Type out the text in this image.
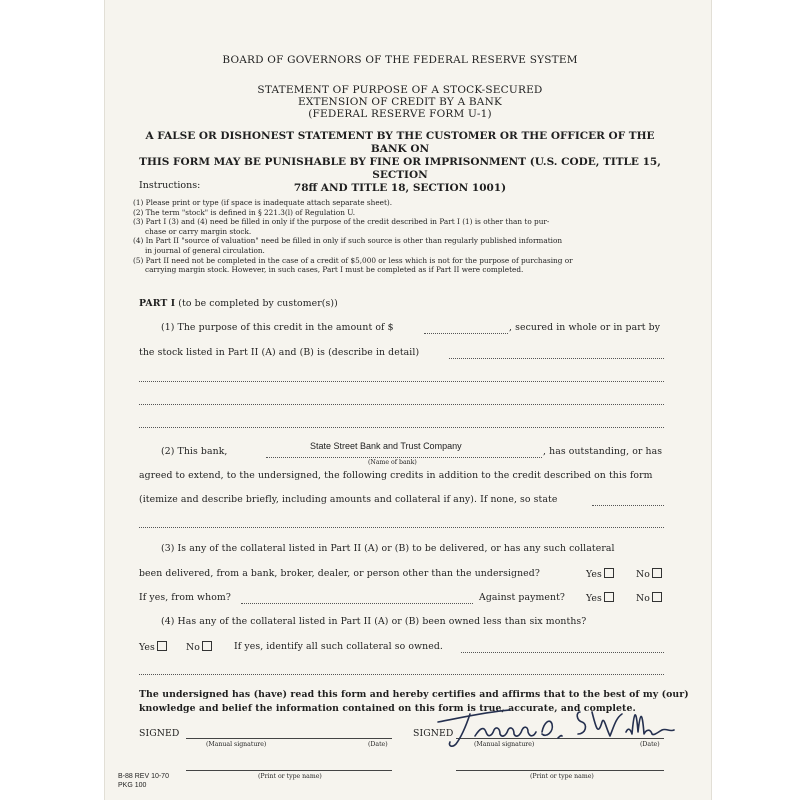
BOARD OF GOVERNORS OF THE FEDERAL RESERVE SYSTEM
STATEMENT OF PURPOSE OF A STOCK-SECURED
EXTENSION OF CREDIT BY A BANK
(FEDERAL RESERVE FORM U-1)
A FALSE OR DISHONEST STATEMENT BY THE CUSTOMER OR THE OFFICER OF THE BANK ON
THIS FORM MAY BE PUNISHABLE BY FINE OR IMPRISONMENT (U.S. CODE, TITLE 15, SECTION
78ff AND TITLE 18, SECTION 1001)
Instructions:
(1) Please print or type (if space is inadequate attach separate sheet).
(2) The term "stock" is defined in § 221.3(l) of Regulation U.
(3) Part I (3) and (4) need be filled in only if the purpose of the credit described in Part I (1) is other than to pur-
chase or carry margin stock.
(4) In Part II "source of valuation" need be filled in only if such source is other than regularly published information
in journal of general circulation.
(5) Part II need not be completed in the case of a credit of $5,000 or less which is not for the purpose of purchasing or
carrying margin stock. However, in such cases, Part I must be completed as if Part II were completed.
PART I (to be completed by customer(s))
(1) The purpose of this credit in the amount of $	, secured in whole or in part by
the stock listed in Part II (A) and (B) is (describe in detail)
(2) This bank,	State Street Bank and Trust Company	, has outstanding, or has
(Name of bank)
agreed to extend, to the undersigned, the following credits in addition to the credit described on this form
(itemize and describe briefly, including amounts and collateral if any). If none, so state
(3) Is any of the collateral listed in Part II (A) or (B) to be delivered, or has any such collateral
been delivered, from a bank, broker, dealer, or person other than the undersigned?	Yes	No
If yes, from whom?	Against payment? Yes	No
(4) Has any of the collateral listed in Part II (A) or (B) been owned less than six months?
Yes	No	If yes, identify all such collateral so owned.
The undersigned has (have) read this form and hereby certifies and affirms that to the best of my (our)
knowledge and belief the information contained on this form is true, accurate, and complete.
SIGNED
(Manual signature)	(Date)
(Print or type name)
SIGNED
(Manual signature)	(Date)
(Print or type name)
B-88 REV 10-70
PKG 100
